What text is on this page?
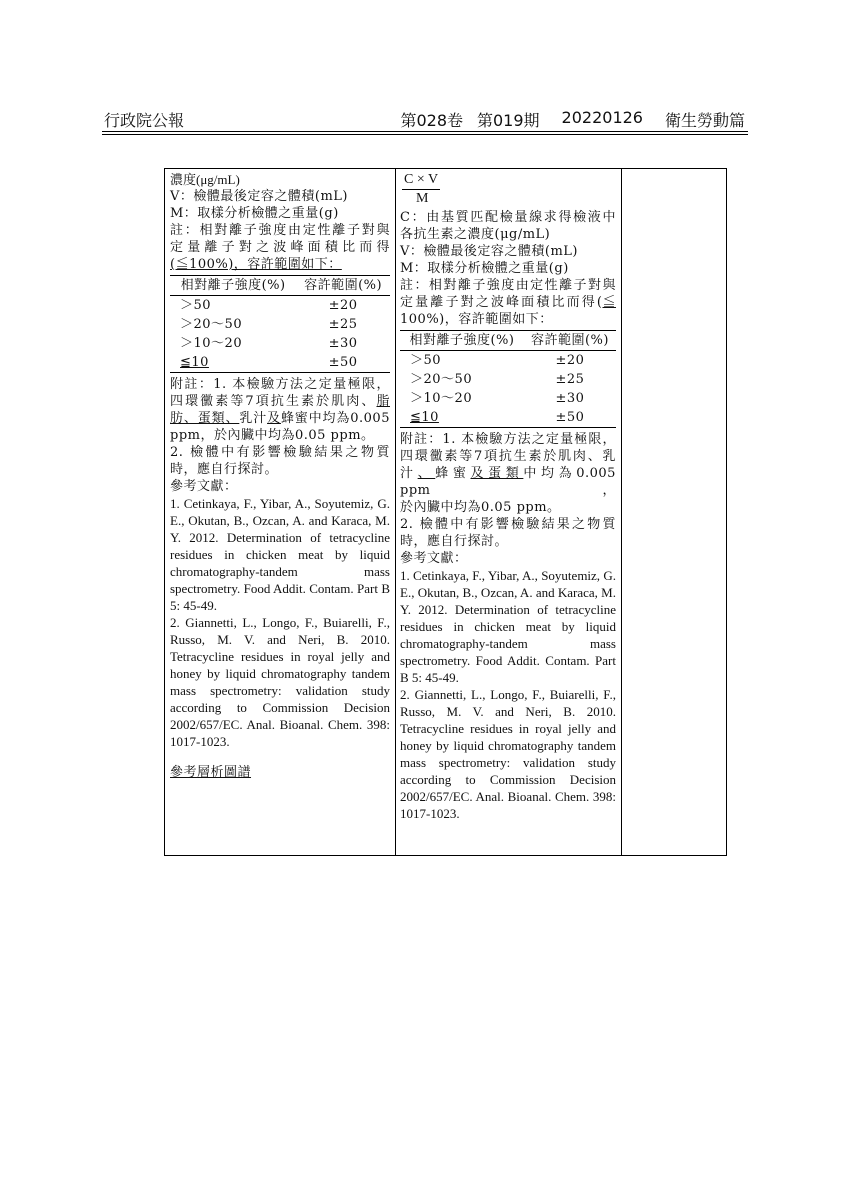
行政院公報	第028卷 第019期 20220126 衛生勞動篇
濃度(μg/mL)
V：檢體最後定容之體積(mL)
M：取樣分析檢體之重量(g)
註：相對離子強度由定性離子對與
定量離子對之波峰面積比而得
(≦100%)，容許範圍如下：
相對離子強度(%)	容許範圍(%)
＞50	±20
＞20～50	±25
＞10～20	±30
≦10	±50
附註：1. 本檢驗方法之定量極限，
四環黴素等7項抗生素於肌肉、脂
肪、蛋類、乳汁及蜂蜜中均為0.005
ppm，於內臟中均為0.05 ppm。
2. 檢體中有影響檢驗結果之物質
時，應自行探討。
參考文獻：

1. Cetinkaya, F., Yibar, A., Soyutemiz, G. E., Okutan, B., Ozcan, A. and Karaca, M. Y. 2012. Determination of tetracycline residues in chicken meat by liquid chromatography-tandem mass spectrometry. Food Addit. Contam. Part B 5: 45-49.

2. Giannetti, L., Longo, F., Buiarelli, F., Russo, M. V. and Neri, B. 2010. Tetracycline residues in royal jelly and honey by liquid chromatography tandem mass spectrometry: validation study according to Commission Decision 2002/657/EC. Anal. Bioanal. Chem. 398: 1017-1023.

參考層析圖譜
C × V
M
C：由基質匹配檢量線求得檢液中
各抗生素之濃度(μg/mL)
V：檢體最後定容之體積(mL)
M：取樣分析檢體之重量(g)
註：相對離子強度由定性離子對與
定量離子對之波峰面積比而得(≦
100%)，容許範圍如下：
相對離子強度(%)	容許範圍(%)
＞50	±20
＞20～50	±25
＞10～20	±30
≦10	±50
附註：1. 本檢驗方法之定量極限，
四環黴素等7項抗生素於肌肉、乳
汁、蜂蜜及蛋類中均為0.005 ppm，
於內臟中均為0.05 ppm。
2. 檢體中有影響檢驗結果之物質
時，應自行探討。
參考文獻：

1. Cetinkaya, F., Yibar, A., Soyutemiz, G. E., Okutan, B., Ozcan, A. and Karaca, M. Y. 2012. Determination of tetracycline residues in chicken meat by liquid chromatography-tandem mass spectrometry. Food Addit. Contam. Part B 5: 45-49.

2. Giannetti, L., Longo, F., Buiarelli, F., Russo, M. V. and Neri, B. 2010. Tetracycline residues in royal jelly and honey by liquid chromatography tandem mass spectrometry: validation study according to Commission Decision 2002/657/EC. Anal. Bioanal. Chem. 398: 1017-1023.
